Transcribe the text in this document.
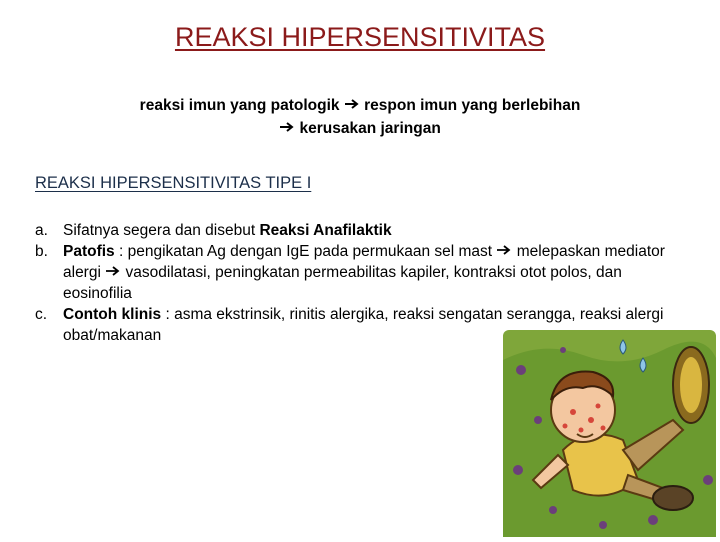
REAKSI HIPERSENSITIVITAS
reaksi imun yang patologik respon imun yang berlebihan
kerusakan jaringan
REAKSI HIPERSENSITIVITAS TIPE I
a. Sifatnya segera dan disebut Reaksi Anafilaktik
b. Patofis : pengikatan Ag dengan IgE pada permukaan sel mast  melepaskan mediator alergi  vasodilatasi, peningkatan permeabilitas kapiler, kontraksi otot polos, dan eosinofilia
c.	Contoh klinis : asma ekstrinsik, rinitis alergika, reaksi sengatan serangga, reaksi alergi obat/makanan
